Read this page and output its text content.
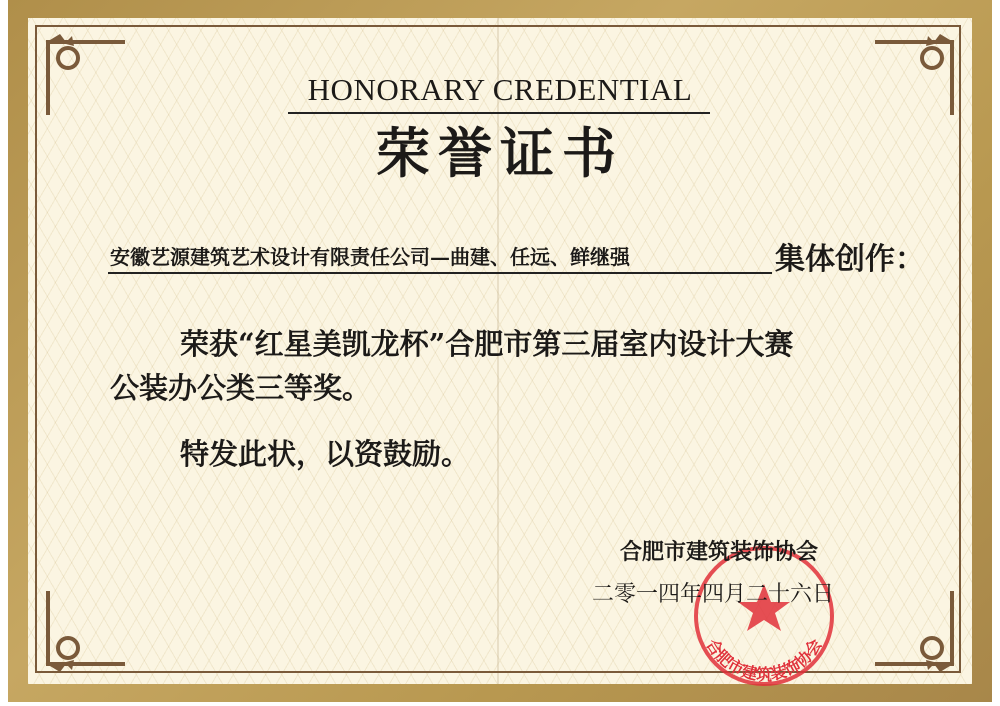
HONORARY CREDENTIAL
荣誉证书
安徽艺源建筑艺术设计有限责任公司—曲建、任远、鲜继强	集体创作：
荣获“红星美凯龙杯”合肥市第三届室内设计大赛
公装办公类三等奖。
特发此状，以资鼓励。
合肥市建筑装饰协会
合肥市建筑装饰协会
二零一四年四月二十六日
